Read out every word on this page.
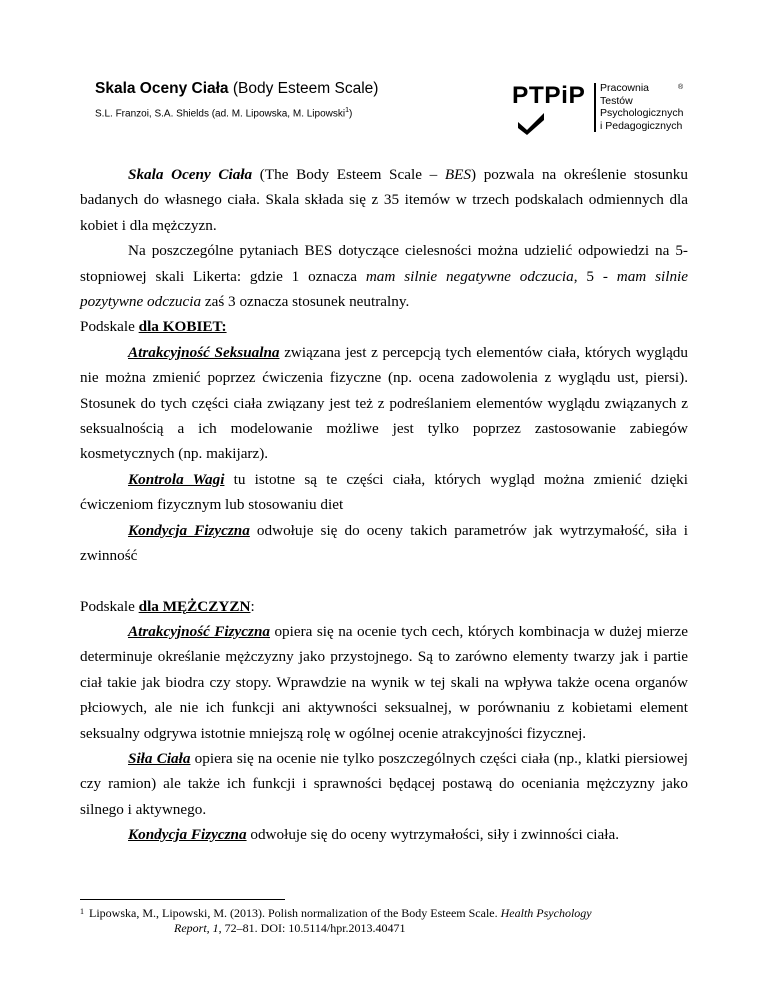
Skala Oceny Ciała (Body Esteem Scale)
S.L. Franzoi, S.A. Shields (ad. M. Lipowska, M. Lipowski$^1$)
PTPiP Pracownia
Testów
Psychologicznych
i Pedagogicznych
®

Skala Oceny Ciała (The Body Esteem Scale – BES) pozwala na określenie stosunku badanych do własnego ciała. Skala składa się z 35 itemów w trzech podskalach odmiennych dla kobiet i dla mężczyzn.

Na poszczególne pytaniach BES dotyczące cielesności można udzielić odpowiedzi na 5-stopniowej skali Likerta: gdzie 1 oznacza mam silnie negatywne odczucia, 5 - mam silnie pozytywne odczucia zaś 3 oznacza stosunek neutralny.

Podskale dla KOBIET:

Atrakcyjność Seksualna związana jest z percepcją tych elementów ciała, których wyglądu nie można zmienić poprzez ćwiczenia fizyczne (np. ocena zadowolenia z wyglądu ust, piersi). Stosunek do tych części ciała związany jest też z podreślaniem elementów wyglądu związanych z seksualnością a ich modelowanie możliwe jest tylko poprzez zastosowanie zabiegów kosmetycznych (np. makijarz).

Kontrola Wagi tu istotne są te części ciała, których wygląd można zmienić dzięki ćwiczeniom fizycznym lub stosowaniu diet

Kondycja Fizyczna odwołuje się do oceny takich parametrów jak wytrzymałość, siła i zwinność

Podskale dla MĘŻCZYZN:

Atrakcyjność Fizyczna opiera się na ocenie tych cech, których kombinacja w dużej mierze determinuje określanie mężczyzny jako przystojnego. Są to zarówno elementy twarzy jak i partie ciał takie jak biodra czy stopy. Wprawdzie na wynik w tej skali na wpływa także ocena organów płciowych, ale nie ich funkcji ani aktywności seksualnej, w porównaniu z kobietami element seksualny odgrywa istotnie mniejszą rolę w ogólnej ocenie atrakcyjności fizycznej.

Siła Ciała opiera się na ocenie nie tylko poszczególnych części ciała (np., klatki piersiowej czy ramion) ale także ich funkcji i sprawności będącej postawą do oceniania mężczyzny jako silnego i aktywnego.

Kondycja Fizyczna odwołuje się do oceny wytrzymałości, siły i zwinności ciała.

$^1$ Lipowska, M., Lipowski, M. (2013). Polish normalization of the Body Esteem Scale. Health Psychology
Report, 1, 72–81. DOI: 10.5114/hpr.2013.40471
